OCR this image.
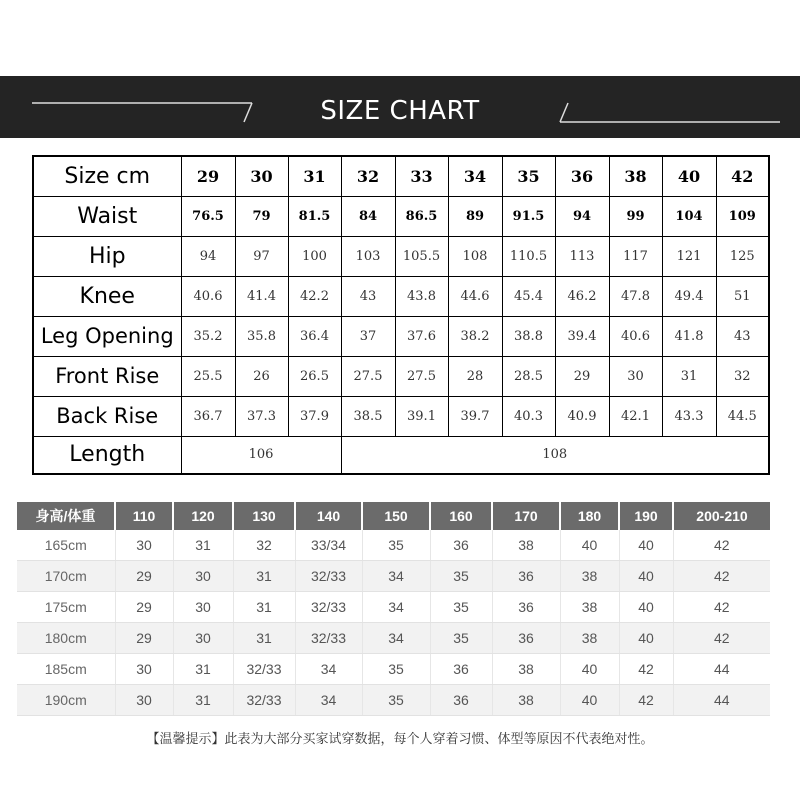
SIZE CHART
Size cm	29	30	31	32	33	34	35	36	38	40	42
Waist	76.5	79	81.5	84	86.5	89	91.5	94	99	104	109
Hip	94	97	100	103	105.5	108	110.5	113	117	121	125
Knee	40.6	41.4	42.2	43	43.8	44.6	45.4	46.2	47.8	49.4	51
Leg Opening	35.2	35.8	36.4	37	37.6	38.2	38.8	39.4	40.6	41.8	43
Front Rise	25.5	26	26.5	27.5	27.5	28	28.5	29	30	31	32
Back Rise	36.7	37.3	37.9	38.5	39.1	39.7	40.3	40.9	42.1	43.3	44.5
Length	106			108							
身高/体重	110	120	130	140	150	160	170	180	190	200-210
165cm	30	31	32	33/34	35	36	38	40	40	42
170cm	29	30	31	32/33	34	35	36	38	40	42
175cm	29	30	31	32/33	34	35	36	38	40	42
180cm	29	30	31	32/33	34	35	36	38	40	42
185cm	30	31	32/33	34	35	36	38	40	42	44
190cm	30	31	32/33	34	35	36	38	40	42	44
【温馨提示】此表为大部分买家试穿数据，每个人穿着习惯、体型等原因不代表绝对性。
